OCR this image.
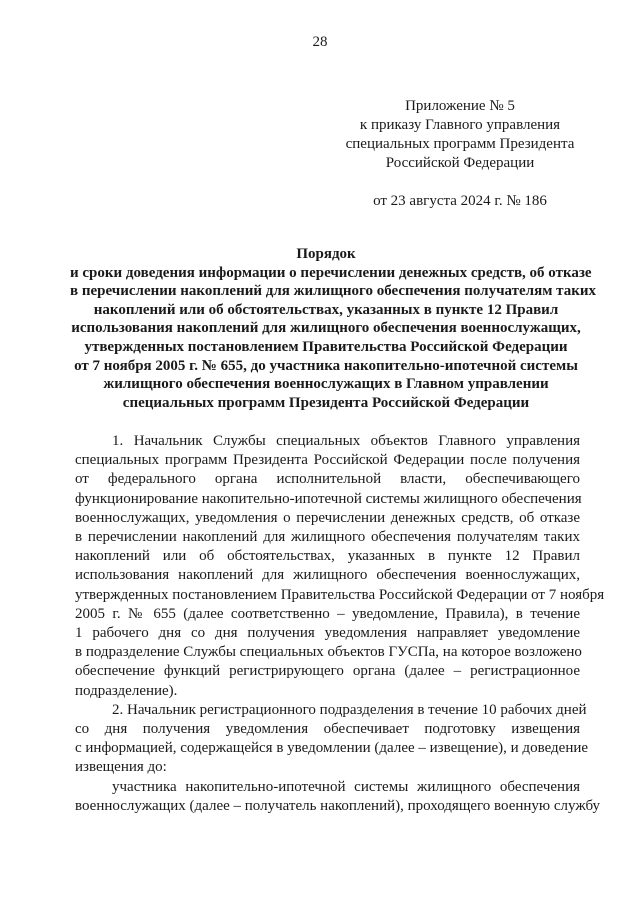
28
Приложение № 5
к приказу Главного управления
специальных программ Президента
Российской Федерации
от 23 августа 2024 г. № 186
Порядок
и сроки доведения информации о перечислении денежных средств, об отказе
в перечислении накоплений для жилищного обеспечения получателям таких
накоплений или об обстоятельствах, указанных в пункте 12 Правил
использования накоплений для жилищного обеспечения военнослужащих,
утвержденных постановлением Правительства Российской Федерации
от 7 ноября 2005 г. № 655, до участника накопительно-ипотечной системы
жилищного обеспечения военнослужащих в Главном управлении
специальных программ Президента Российской Федерации
1. Начальник Службы специальных объектов Главного управления
специальных программ Президента Российской Федерации после получения
от федерального органа исполнительной власти, обеспечивающего
функционирование накопительно-ипотечной системы жилищного обеспечения
военнослужащих, уведомления о перечислении денежных средств, об отказе
в перечислении накоплений для жилищного обеспечения получателям таких
накоплений или об обстоятельствах, указанных в пункте 12 Правил
использования накоплений для жилищного обеспечения военнослужащих,
утвержденных постановлением Правительства Российской Федерации от 7 ноября
2005 г. № 655 (далее соответственно – уведомление, Правила), в течение
1 рабочего дня со дня получения уведомления направляет уведомление
в подразделение Службы специальных объектов ГУСПа, на которое возложено
обеспечение функций регистрирующего органа (далее – регистрационное
подразделение).
2. Начальник регистрационного подразделения в течение 10 рабочих дней
со дня получения уведомления обеспечивает подготовку извещения
с информацией, содержащейся в уведомлении (далее – извещение), и доведение
извещения до:
участника накопительно-ипотечной системы жилищного обеспечения
военнослужащих (далее – получатель накоплений), проходящего военную службу
